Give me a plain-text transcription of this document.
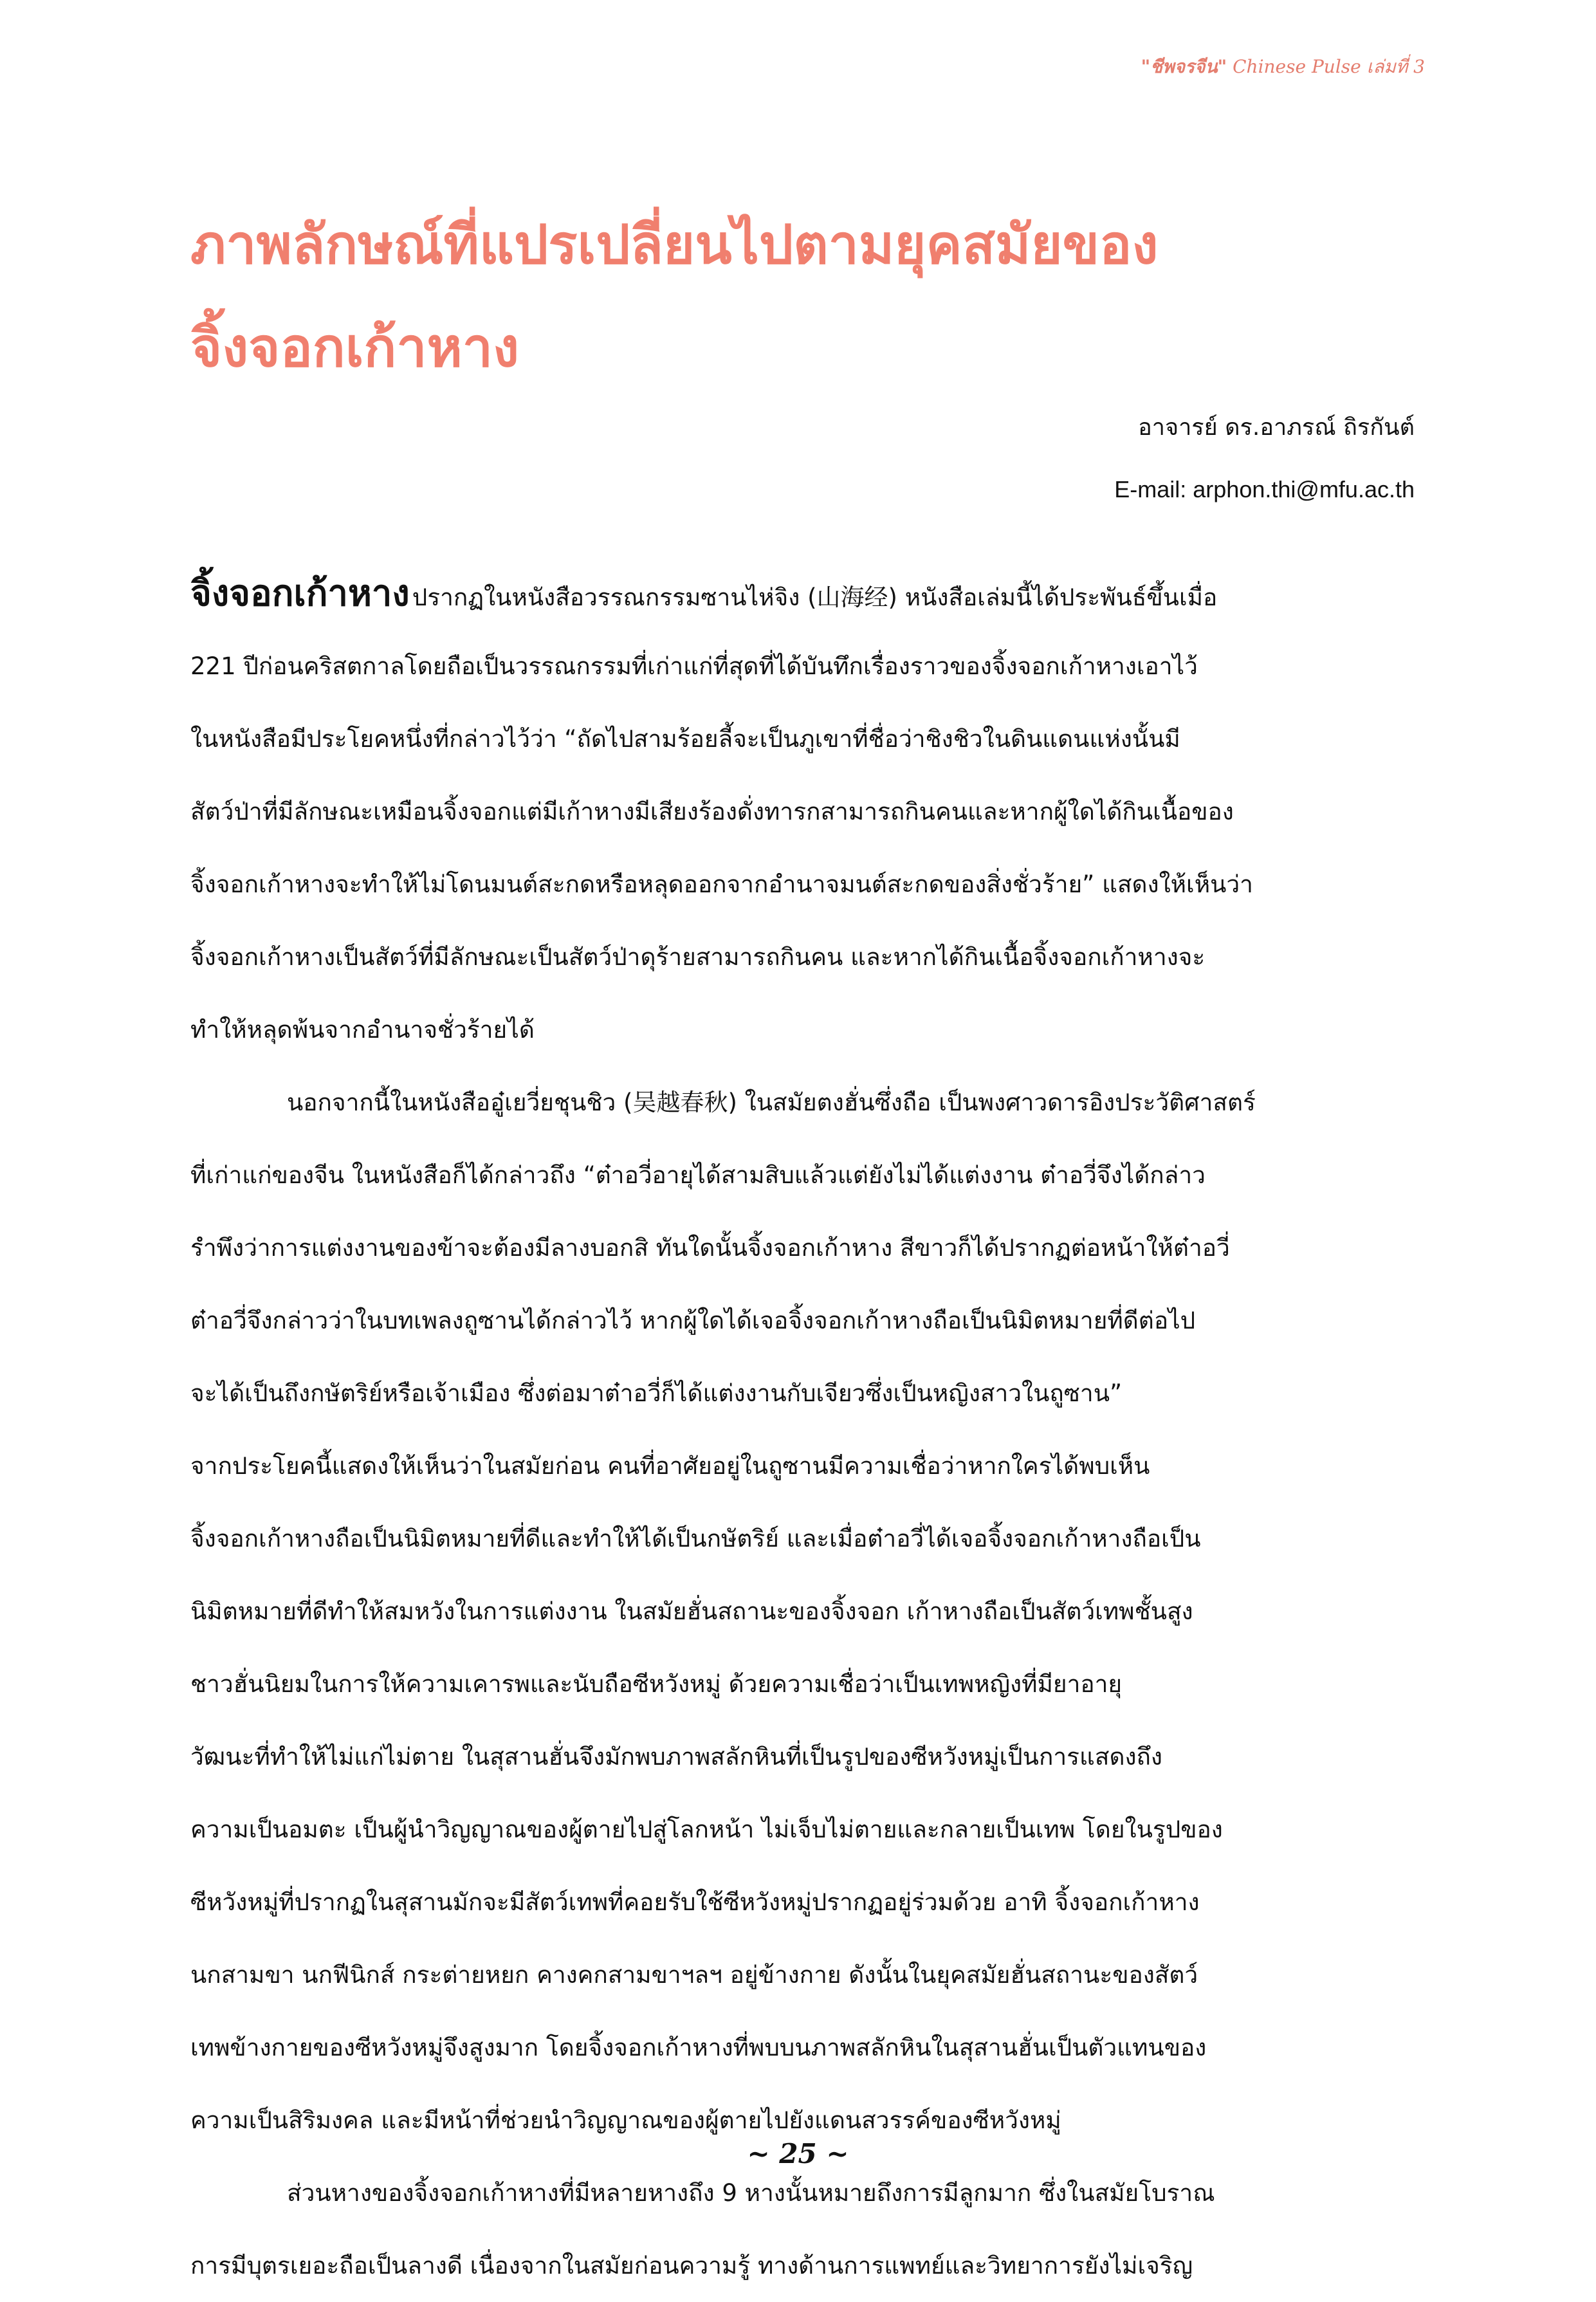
"ชีพจรจีน" Chinese Pulse เล่มที่ 3
ภาพลักษณ์ที่แปรเปลี่ยนไปตามยุคสมัยของ
จิ้งจอกเก้าหาง
อาจารย์ ดร.อาภรณ์ ถิรกันต์
E-mail: arphon.thi@mfu.ac.th
จิ้งจอกเก้าหาง ปรากฏในหนังสือวรรณกรรมซานไห่จิง (山海经) หนังสือเล่มนี้ได้ประพันธ์ขึ้นเมื่อ
221 ปีก่อนคริสตกาลโดยถือเป็นวรรณกรรมที่เก่าแก่ที่สุดที่ได้บันทึกเรื่องราวของจิ้งจอกเก้าหางเอาไว้
ในหนังสือมีประโยคหนึ่งที่กล่าวไว้ว่า “ถัดไปสามร้อยลี้จะเป็นภูเขาที่ชื่อว่าชิงชิวในดินแดนแห่งนั้นมี
สัตว์ป่าที่มีลักษณะเหมือนจิ้งจอกแต่มีเก้าหางมีเสียงร้องดั่งทารกสามารถกินคนและหากผู้ใดได้กินเนื้อของ
จิ้งจอกเก้าหางจะทำให้ไม่โดนมนต์สะกดหรือหลุดออกจากอำนาจมนต์สะกดของสิ่งชั่วร้าย” แสดงให้เห็นว่า
จิ้งจอกเก้าหางเป็นสัตว์ที่มีลักษณะเป็นสัตว์ป่าดุร้ายสามารถกินคน และหากได้กินเนื้อจิ้งจอกเก้าหางจะ
ทำให้หลุดพ้นจากอำนาจชั่วร้ายได้
นอกจากนี้ในหนังสืออู๋เยวี่ยชุนชิว (吴越春秋) ในสมัยตงฮั่นซึ่งถือ เป็นพงศาวดารอิงประวัติศาสตร์
ที่เก่าแก่ของจีน ในหนังสือก็ได้กล่าวถึง “ต๋าอวี่อายุได้สามสิบแล้วแต่ยังไม่ได้แต่งงาน ต๋าอวี่จึงได้กล่าว
รำพึงว่าการแต่งงานของข้าจะต้องมีลางบอกสิ ทันใดนั้นจิ้งจอกเก้าหาง สีขาวก็ได้ปรากฏต่อหน้าให้ต๋าอวี่
ต๋าอวี่จึงกล่าวว่าในบทเพลงถูซานได้กล่าวไว้ หากผู้ใดได้เจอจิ้งจอกเก้าหางถือเป็นนิมิตหมายที่ดีต่อไป
จะได้เป็นถึงกษัตริย์หรือเจ้าเมือง ซึ่งต่อมาต๋าอวี่ก็ได้แต่งงานกับเจียวซึ่งเป็นหญิงสาวในถูซาน”
จากประโยคนี้แสดงให้เห็นว่าในสมัยก่อน คนที่อาศัยอยู่ในถูซานมีความเชื่อว่าหากใครได้พบเห็น
จิ้งจอกเก้าหางถือเป็นนิมิตหมายที่ดีและทำให้ได้เป็นกษัตริย์ และเมื่อต๋าอวี่ได้เจอจิ้งจอกเก้าหางถือเป็น
นิมิตหมายที่ดีทำให้สมหวังในการแต่งงาน ในสมัยฮั่นสถานะของจิ้งจอก เก้าหางถือเป็นสัตว์เทพชั้นสูง
ชาวฮั่นนิยมในการให้ความเคารพและนับถือซีหวังหมู่ ด้วยความเชื่อว่าเป็นเทพหญิงที่มียาอายุ
วัฒนะที่ทำให้ไม่แก่ไม่ตาย ในสุสานฮั่นจึงมักพบภาพสลักหินที่เป็นรูปของซีหวังหมู่เป็นการแสดงถึง
ความเป็นอมตะ เป็นผู้นำวิญญาณของผู้ตายไปสู่โลกหน้า ไม่เจ็บไม่ตายและกลายเป็นเทพ โดยในรูปของ
ซีหวังหมู่ที่ปรากฏในสุสานมักจะมีสัตว์เทพที่คอยรับใช้ซีหวังหมู่ปรากฏอยู่ร่วมด้วย อาทิ จิ้งจอกเก้าหาง
นกสามขา นกฟีนิกส์ กระต่ายหยก คางคกสามขาฯลฯ อยู่ข้างกาย ดังนั้นในยุคสมัยฮั่นสถานะของสัตว์
เทพข้างกายของซีหวังหมู่จึงสูงมาก โดยจิ้งจอกเก้าหางที่พบบนภาพสลักหินในสุสานฮั่นเป็นตัวแทนของ
ความเป็นสิริมงคล และมีหน้าที่ช่วยนำวิญญาณของผู้ตายไปยังแดนสวรรค์ของซีหวังหมู่
ส่วนหางของจิ้งจอกเก้าหางที่มีหลายหางถึง 9 หางนั้นหมายถึงการมีลูกมาก ซึ่งในสมัยโบราณ
การมีบุตรเยอะถือเป็นลางดี เนื่องจากในสมัยก่อนความรู้ ทางด้านการแพทย์และวิทยาการยังไม่เจริญ
~ 25 ~
